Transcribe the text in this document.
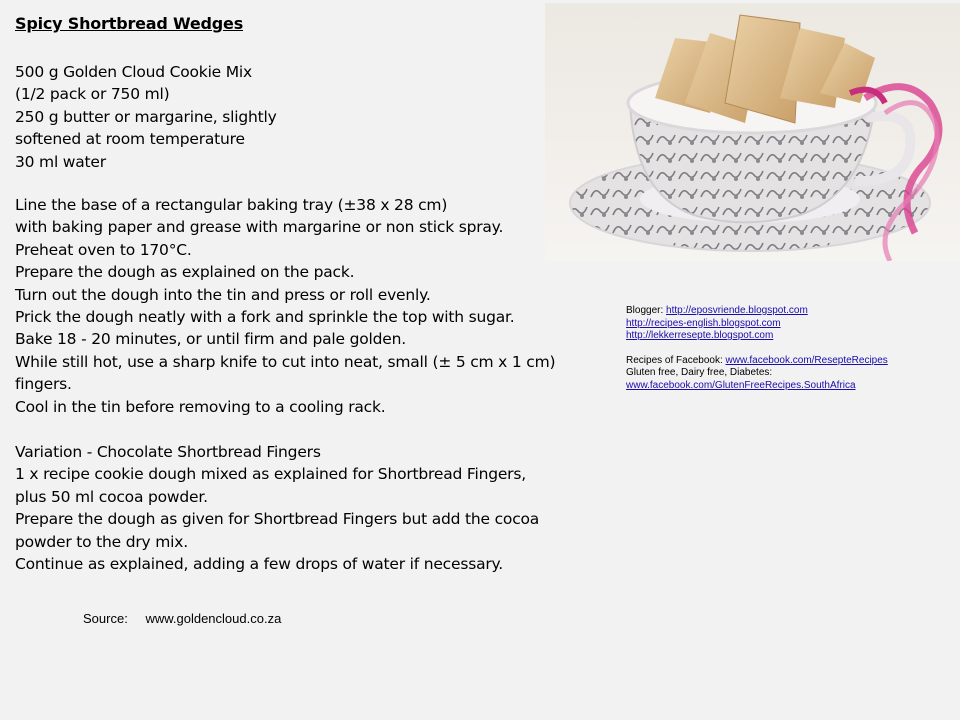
Spicy Shortbread Wedges
500 g Golden Cloud Cookie Mix
(1/2 pack or 750 ml)
250 g butter or margarine, slightly
softened at room temperature
30 ml water
Line the base of a rectangular baking tray (±38 x 28 cm)
with baking paper and grease with margarine or non stick spray.
Preheat oven to 170°C.
Prepare the dough as explained on the pack.
Turn out the dough into the tin and press or roll evenly.
Prick the dough neatly with a fork and sprinkle the top with sugar.
Bake 18 - 20 minutes, or until firm and pale golden.
While still hot, use a sharp knife to cut into neat, small (± 5 cm x 1 cm)
fingers.
Cool in the tin before removing to a cooling rack.
Variation - Chocolate Shortbread Fingers
1 x recipe cookie dough mixed as explained for Shortbread Fingers,
plus 50 ml cocoa powder.
Prepare the dough as given for Shortbread Fingers but add the cocoa
powder to the dry mix.
Continue as explained, adding a few drops of water if necessary.
Source: www.goldencloud.co.za
Blogger: http://eposvriende.blogspot.com
http://recipes-english.blogspot.com
http://lekkerresepte.blogspot.com
Recipes of Facebook: www.facebook.com/ResepteRecipes
Gluten free, Dairy free, Diabetes:
www.facebook.com/GlutenFreeRecipes.SouthAfrica
